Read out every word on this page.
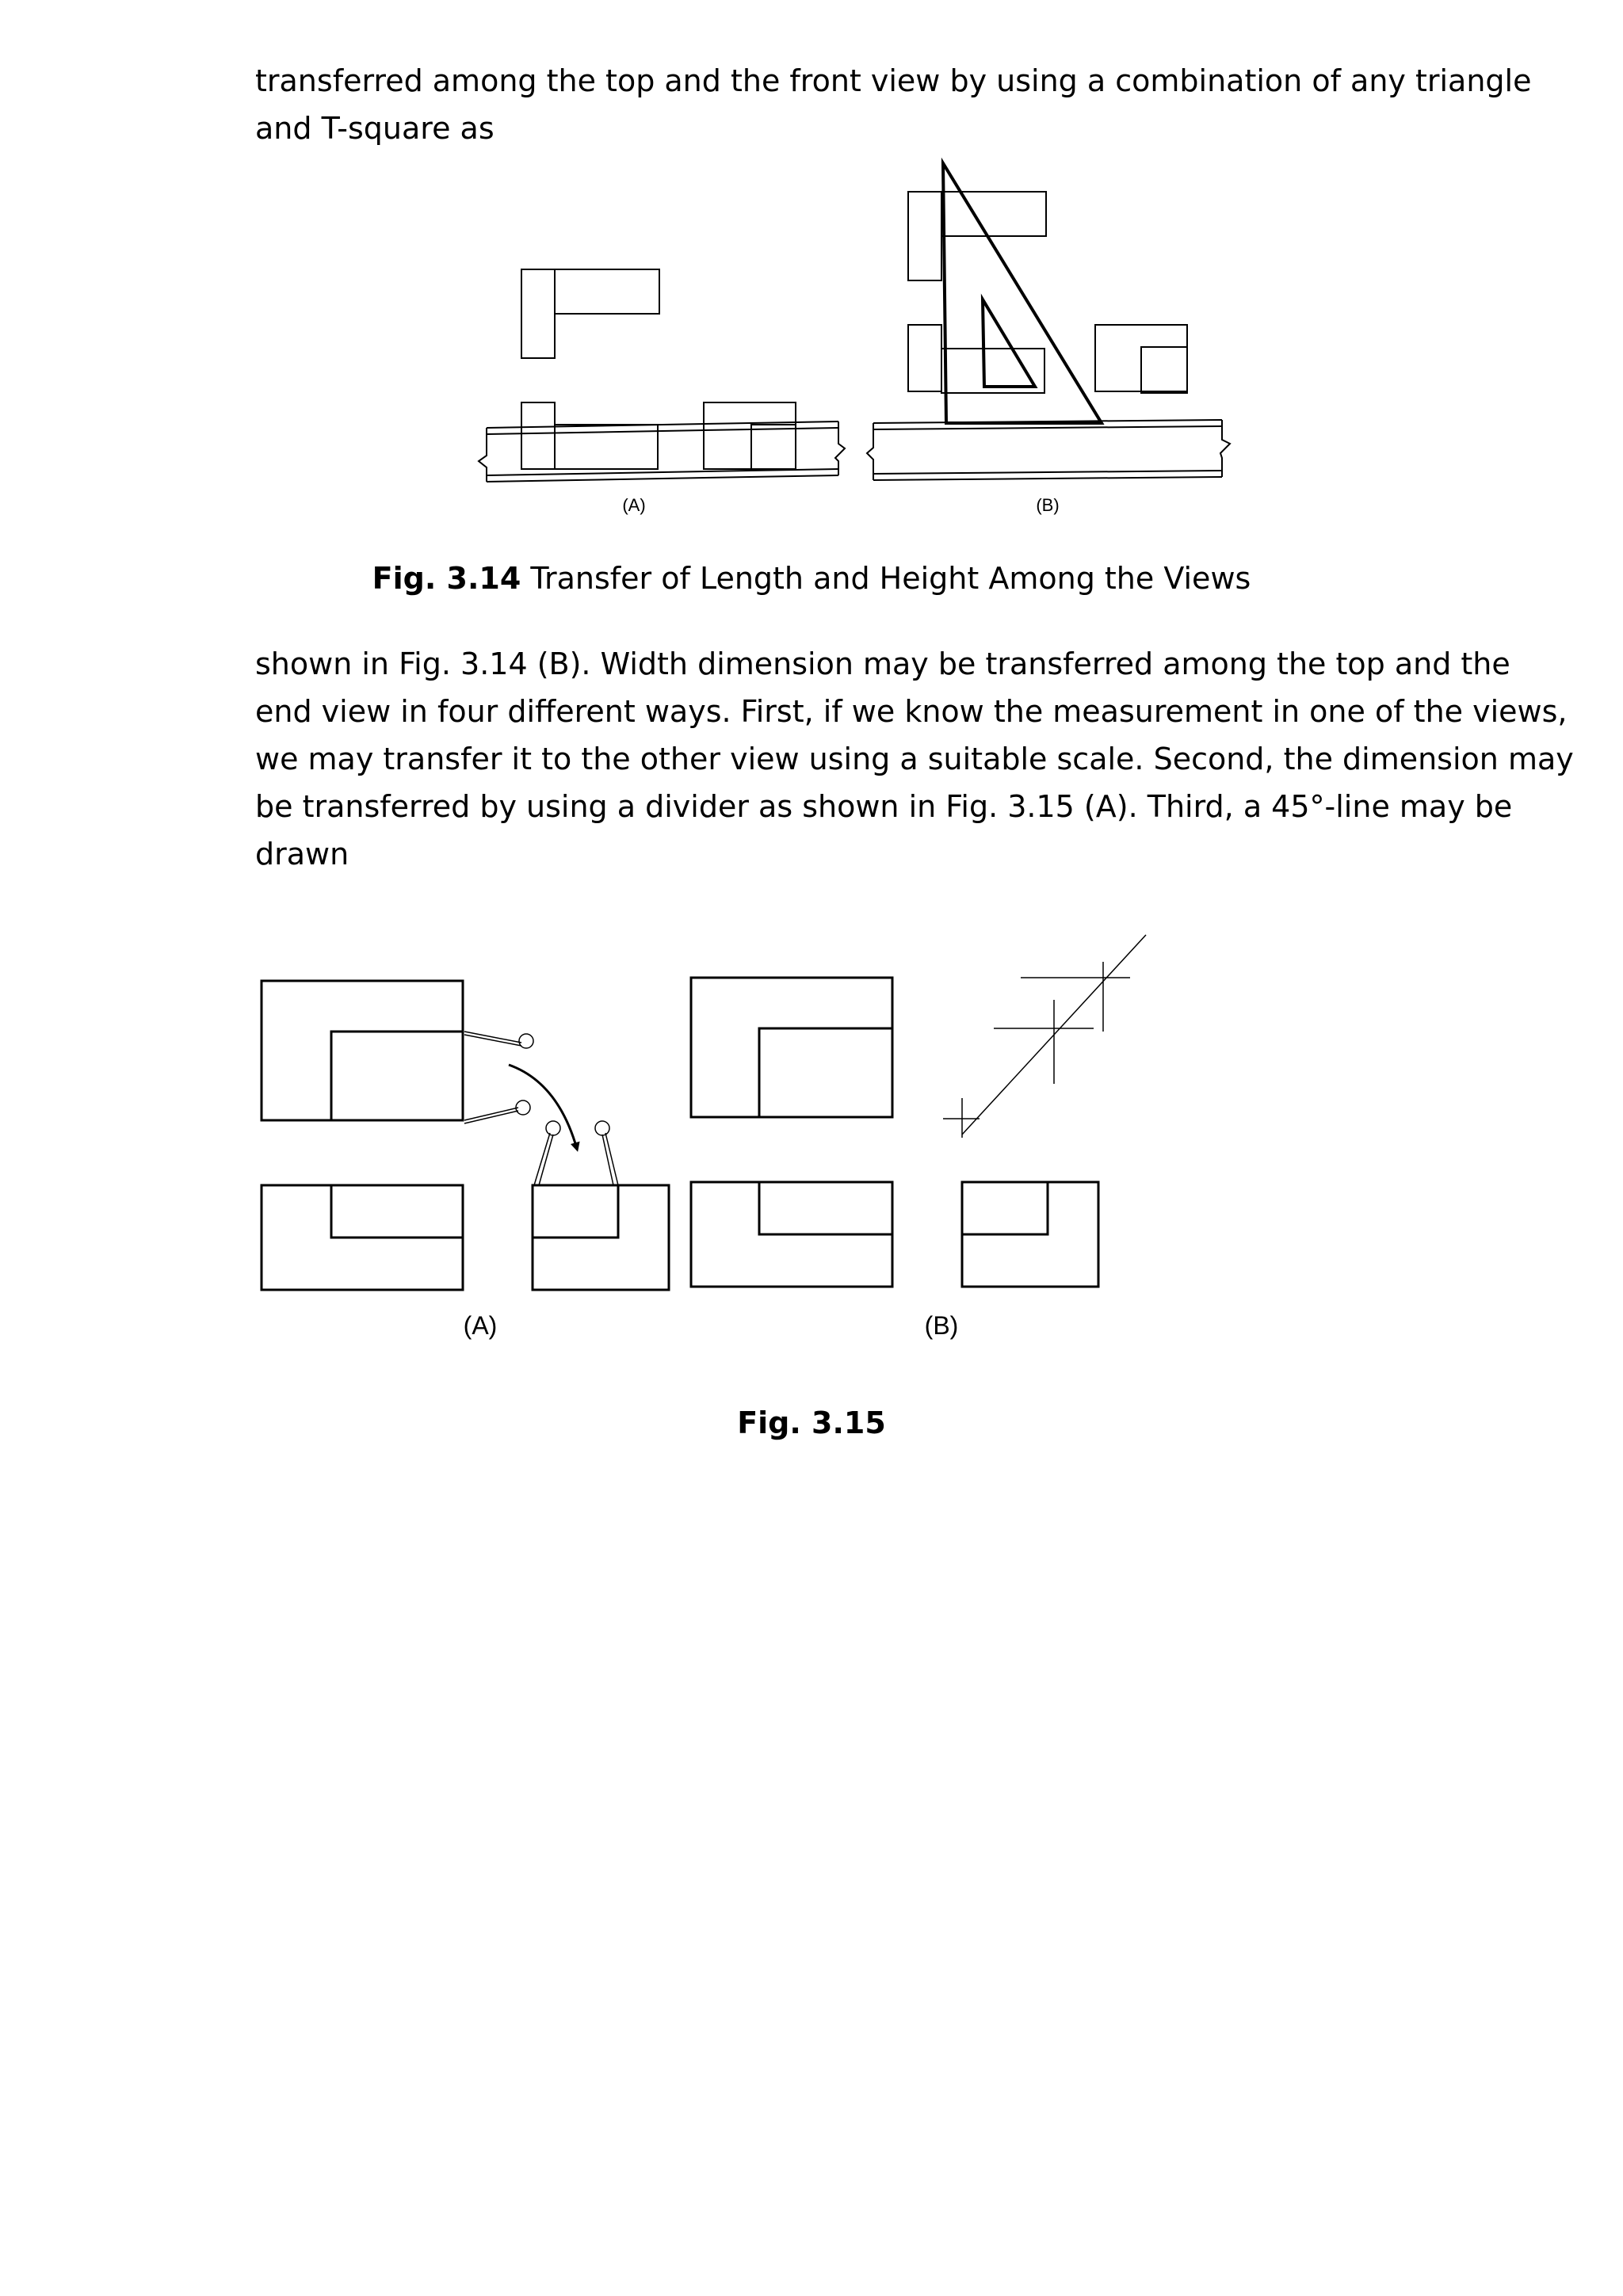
transferred among the top and the front view by using a combination of any triangle
and T-square as
(A)	(B)
Fig. 3.14 Transfer of Length and Height Among the Views
shown in Fig. 3.14 (B). Width dimension may be transferred among the top and the
end view in four different ways. First, if we know the measurement in one of the views,
we may transfer it to the other view using a suitable scale. Second, the dimension may
be transferred by using a divider as shown in Fig. 3.15 (A). Third, a 45°-line may be
drawn
(A)	(B)
Fig. 3.15
